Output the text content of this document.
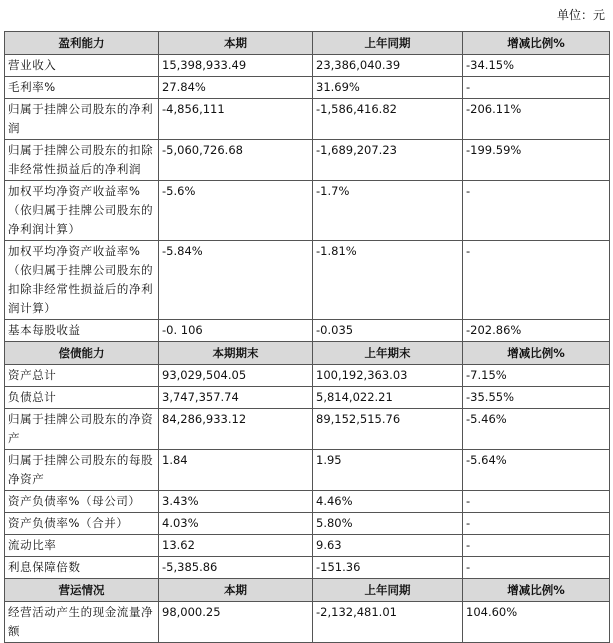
单位：元
盈利能力	本期	上年同期	增减比例%
营业收入	15,398,933.49	23,386,040.39	-34.15%
毛利率%	27.84%	31.69%	-
归属于挂牌公司股东的净利润	-4,856,111	-1,586,416.82	-206.11%
归属于挂牌公司股东的扣除非经常性损益后的净利润	-5,060,726.68	-1,689,207.23	-199.59%
加权平均净资产收益率%（依归属于挂牌公司股东的净利润计算）	-5.6%	-1.7%	-
加权平均净资产收益率%（依归属于挂牌公司股东的扣除非经常性损益后的净利润计算）	-5.84%	-1.81%	-
基本每股收益	-0. 106	-0.035	-202.86%
偿债能力	本期期末	上年期末	增减比例%
资产总计	93,029,504.05	100,192,363.03	-7.15%
负债总计	3,747,357.74	5,814,022.21	-35.55%
归属于挂牌公司股东的净资产	84,286,933.12	89,152,515.76	-5.46%
归属于挂牌公司股东的每股净资产	1.84	1.95	-5.64%
资产负债率%（母公司）	3.43%	4.46%	-
资产负债率%（合并）	4.03%	5.80%	-
流动比率	13.62	9.63	-
利息保障倍数	-5,385.86	-151.36	-
营运情况	本期	上年同期	增减比例%
经营活动产生的现金流量净额	98,000.25	-2,132,481.01	104.60%
